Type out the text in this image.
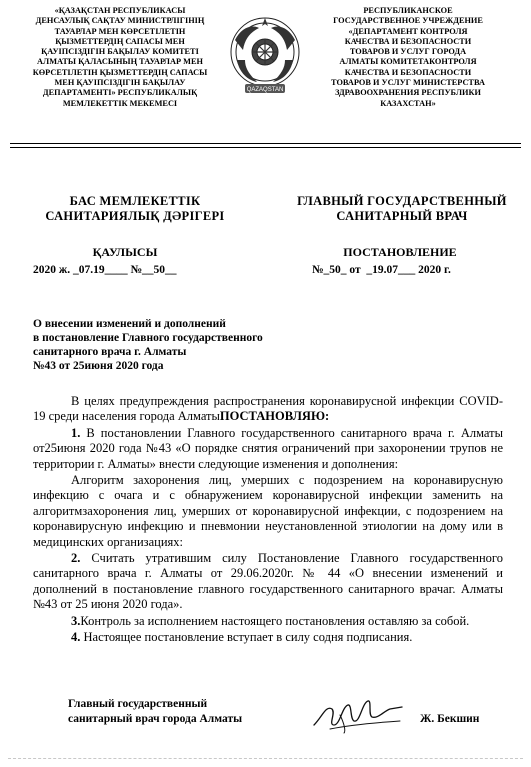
«ҚАЗАҚСТАН РЕСПУБЛИКАСЫ
ДЕНСАУЛЫҚ САҚТАУ МИНИСТРЛІГІНІҢ
ТАУАРЛАР МЕН КӨРСЕТІЛЕТІН
ҚЫЗМЕТТЕРДІҢ САПАСЫ МЕН
ҚАУІПСІЗДІГІН БАҚЫЛАУ КОМИТЕТІ
АЛМАТЫ ҚАЛАСЫНЫҢ ТАУАРЛАР МЕН
КӨРСЕТІЛЕТІН ҚЫЗМЕТТЕРДІҢ САПАСЫ
МЕН ҚАУІПСІЗДІГІН БАҚЫЛАУ
ДЕПАРТАМЕНТІ» РЕСПУБЛИКАЛЫҚ
МЕМЛЕКЕТТІК МЕКЕМЕСІ
QAZAQSTAN
РЕСПУБЛИКАНСКОЕ
ГОСУДАРСТВЕННОЕ УЧРЕЖДЕНИЕ
«ДЕПАРТАМЕНТ КОНТРОЛЯ
КАЧЕСТВА И БЕЗОПАСНОСТИ
ТОВАРОВ И УСЛУГ ГОРОДА
АЛМАТЫ КОМИТЕТАКОНТРОЛЯ
КАЧЕСТВА И БЕЗОПАСНОСТИ
ТОВАРОВ И УСЛУГ МИНИСТЕРСТВА
ЗДРАВООХРАНЕНИЯ РЕСПУБЛИКИ
КАЗАХСТАН»
БАС МЕМЛЕКЕТТІК
САНИТАРИЯЛЫҚ ДӘРІГЕРІ
ГЛАВНЫЙ ГОСУДАРСТВЕННЫЙ
САНИТАРНЫЙ ВРАЧ
ҚАУЛЫСЫ	ПОСТАНОВЛЕНИЕ
2020 ж. _07.19____ №__50__	№_50_ от  _19.07___ 2020 г.
О внесении изменений и дополнений
в постановление Главного государственного
санитарного врача г. Алматы
№43 от 25июня 2020 года

В целях предупреждения распространения коронавирусной инфекции COVID-19 среди населения города АлматыПОСТАНОВЛЯЮ:

1. В постановлении Главного государственного санитарного врача г. Алматы от25июня 2020 года №43 «О порядке снятия ограничений при захоронении трупов не территории г. Алматы» внести следующие изменения и дополнения:

Алгоритм захоронения лиц, умерших с подозрением на коронавирусную инфекцию с очага и с обнаружением коронавирусной инфекции заменить на алгоритмзахоронения лиц, умерших от коронавирусной инфекции, с подозрением на коронавирусную инфекцию и пневмонии неустановленной этиологии на дому или в медицинских организациях:

2. Считать утратившим силу Постановление Главного государственного санитарного врача г. Алматы от 29.06.2020г. № 44 «О внесении изменений и дополнений в постановление главного государственного санитарного врачаг. Алматы №43 от 25 июня 2020 года».

3.Контроль за исполнением настоящего постановления оставляю за собой.

4. Настоящее постановление вступает в силу содня подписания.

Главный государственный
санитарный врач города Алматы	Ж. Бекшин
